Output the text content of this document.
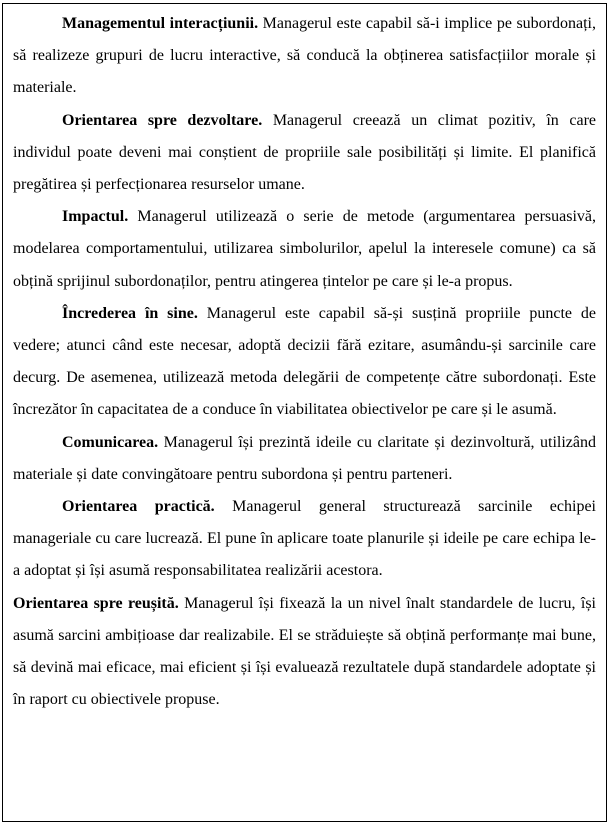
Managementul interacțiunii. Managerul este capabil să-i implice pe subordonați, să realizeze grupuri de lucru interactive, să conducă la obținerea satisfacțiilor morale și materiale.

Orientarea spre dezvoltare. Managerul creează un climat pozitiv, în care individul poate deveni mai conștient de propriile sale posibilități și limite. El planifică pregătirea și perfecționarea resurselor umane.

Impactul. Managerul utilizează o serie de metode (argumentarea persuasivă, modelarea comportamentului, utilizarea simbolurilor, apelul la interesele comune) ca să obțină sprijinul subordonaților, pentru atingerea țintelor pe care și le-a propus.

Încrederea în sine. Managerul este capabil să-și susțină propriile puncte de vedere; atunci când este necesar, adoptă decizii fără ezitare, asumându-și sarcinile care decurg. De asemenea, utilizează metoda delegării de competențe către subordonați. Este încrezător în capacitatea de a conduce în viabilitatea obiectivelor pe care și le asumă.

Comunicarea. Managerul își prezintă ideile cu claritate și dezinvoltură, utilizând materiale și date convingătoare pentru subordona și pentru parteneri.

Orientarea practică. Managerul general structurează sarcinile echipei manageriale cu care lucrează. El pune în aplicare toate planurile și ideile pe care echipa le-a adoptat și își asumă responsabilitatea realizării acestora.

Orientarea spre reușită. Managerul își fixează la un nivel înalt standardele de lucru, își asumă sarcini ambițioase dar realizabile. El se străduiește să obțină performanțe mai bune, să devină mai eficace, mai eficient și își evaluează rezultatele după standardele adoptate și în raport cu obiectivele propuse.
